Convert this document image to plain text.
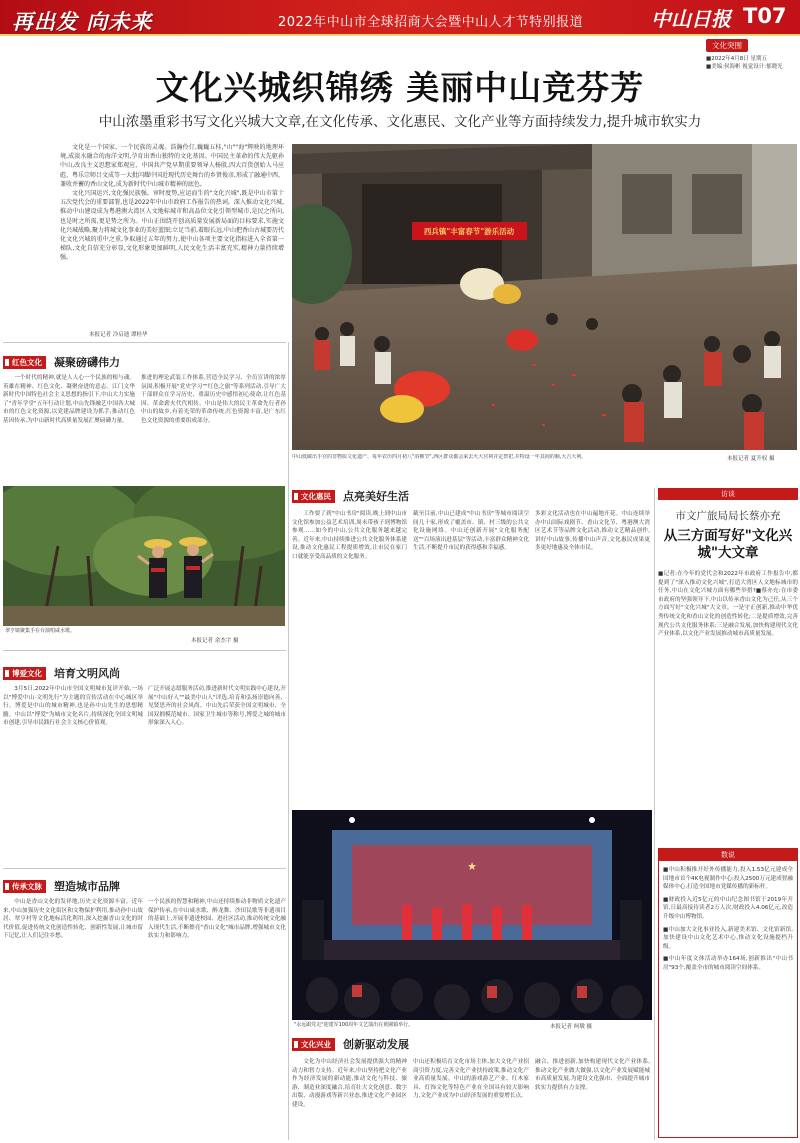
再出发 向未来	2022年中山市全球招商大会暨中山人才节特别报道	中山日报 T07
文化突围
■2022年4月8日 星期五
■美编:侯海彬 视觉设计:郁晓光
文化兴城织锦绣 美丽中山竞芬芳
中山浓墨重彩书写文化兴城大文章,在文化传承、文化惠民、文化产业等方面持续发力,提升城市软实力

文化是一个国家、一个民族的灵魂。浩瀚伶仃,巍巍五桂,"山""海"辉映的地理环境,成淡水融合的海洋文明,孕育出香山独特的文化基因。中国民主革命的伟大先驱孙中山,改良主义思想家郑观应、中国共产党早期重要领导人杨殷,四大百货创始人马应彪、粤乐宗师吕文成等一大批闪耀中国近现代历史舞台的乡贤俊彦,形成了融通中西、兼收并蓄的香山文化,成为新时代中山城市精神的底色。

文化兴国运兴,文化强民族强。审时度势,应运而生的"文化兴城",既是中山市第十五次党代会的重要部署,也是2022年中山市政府工作报告的热词。深入推动文化兴城,推动中山建设成为粤港澳大湾区人文地标城市和高品位文化引领型城市,是民之所向,也是时之所需,更是势之所为。中山正围绕开创高质量发展新局面的目标要求,实施文化兴城战略,聚力将城文化事业的美好蓝图;立足当前,着眼长远,中山把香山古城要历代化文化兴城的重中之重,争取通过五年的努力,使中山各项主要文化指标进入全省第一梯队,文化自信充分彰显,文化形象更加鲜明,人民文化生活丰富充实,精神力量持续增强。

本报记者 冷启迪 谭桂华
西兵镇"丰富春节"游乐活动
中山低碳出手宫的非物质文化遗产、每年农历四月初八"浴佛节",西区群众都会来去火大宫祠并定祭祀,并特设一年其间的顺,大吉大利。	本报记者 夏升权 摄
红色文化	凝聚磅礴伟力
一个时代的精神,就是人人心一个民族的根与魂。英雄在精神、红色文化、凝聚奋进的意志。江门文华新时代中国特色社会主义思想的指引下,中山大力实施了"青年学堂"五年行动计划,中山先锋融艺中国各大城市的红色文化资源,以党建品牌建设为抓手,推动红色基因传承,为中山新时代高质量发展汇聚磅礴力量。
推进的理论武装工作体系,营造全民学习、全员宣讲的浓厚氛围,积极开展"党史学习""红色之旅"等系列活动,引导广大干部群众在学习历史、重温历史中感悟初心使命,让红色基因、革命薪火代代相传。中山是伟大的民主革命先行者孙中山的故乡,有着光荣的革命传统,红色资源丰富,是广东红色文化资源的重要组成部分。
翠亨镇聚集手在台演唱咸水歌。
本报记者 余杰宇 摄
博爱文化	培育文明风尚
3月5日,2022年中山市全国文明城市复评开始,一场以"博爱中山·文明先行"为主题的宣传活动在中心城区举行。博爱是中山的城市精神,也是孙中山先生的思想精髓。中山以"博爱"为城市文化名片,持续深化全国文明城市创建,引导市民践行社会主义核心价值观。
广泛开展志愿服务活动,推进新时代文明实践中心建设,开展"中山好人""最美中山人"评选,培育和弘扬崇德向善、见贤思齐的社会风尚。中山先后荣获全国文明城市、全国双拥模范城市、国家卫生城市等称号,博爱之城的城市形象深入人心。
传承文脉	塑造城市品牌
中山是香山文化的发祥地,历史文化资源丰富。近年来,中山加强历史文化街区和文物保护利用,推动孙中山故居、翠亨村等文化地标活化利用,深入挖掘香山文化的时代价值,促进传统文化创造性转化、创新性发展,让城市留下记忆,让人们记住乡愁。
一个民族的智慧和精神,中山还持续推动非物质文化遗产保护传承,在中山咸水歌、醉龙舞、沙田民歌等非遗项目的基础上,开展非遗进校园、进社区活动,推动传统文化融入现代生活,不断擦亮"香山文化"城市品牌,增强城市文化软实力和影响力。
文化惠民	点亮美好生活
工作要了到"中山书房"阅读,晚上到中山市文化馆参加公益艺术培训,周末带孩子到博物馆参观……如今的中山,公共文化服务越来越完善。近年来,中山持续推进公共文化服务体系建设,推动文化惠民工程提质增效,让市民在家门口就能享受高品质的文化服务。
截至目前,中山已建成"中山书房"等城市阅读空间几十家,形成了覆盖市、镇、村三级的公共文化设施网络。中山还创新开展"文化服务配送""百场演出进基层"等活动,丰富群众精神文化生活,不断提升市民的获得感和幸福感。
多彩文化活动也在中山遍地开花。中山连续举办中山国际戏剧节、香山文化节、粤港澳大湾区艺术节等品牌文化活动,推动文艺精品创作,讲好中山故事,传播中山声音,文化惠民成果更多更好地惠及全体市民。
★
"永远跟党走"迎建军100周年文艺演出在黄圃镇举行。	本报记者 柯墩 摄
文化兴业	创新驱动发展
文化为中山经济社会发展提供强大的精神动力和智力支持。近年来,中山坚持把文化产业作为经济发展的新动能,推动文化与科技、旅游、制造业深度融合,培育壮大文化创意、数字出版、动漫游戏等新兴业态,推进文化产业园区建设。
中山还积极培育文化市场主体,加大文化产业招商引资力度,完善文化产业扶持政策,推动文化产业高质量发展。中山的游戏游艺产业、红木家具、灯饰文化等特色产业在全国具有较大影响力,文化产业成为中山经济发展的重要增长点。
融合、推进创新,加快构建现代文化产业体系,推动文化产业做大做强,以文化产业发展赋能城市高质量发展,为建设文化强市、全面提升城市软实力提供有力支撑。
访谈
市文广旅局局长蔡亦充
从三方面写好"文化兴城"大文章
■记者:在今年的党代会和2022年市政府工作报告中,都提到了"深入推动文化兴城",打造大湾区人文地标城市的任务,中山在文化兴城方面有哪些举措?■蔡亦充:在市委市政府的坚强领导下,中山以传承香山文化为己任,从三个方面写好"文化兴城"大文章。一是守正创新,推动中华优秀传统文化和香山文化的创造性转化;二是提质增效,完善现代公共文化服务体系;三是融合发展,加快构建现代文化产业体系,以文化产业发展推动城市高质量发展。
数说
■中山积极推开好外传播能力,投入1.53亿元建成全国地市首个4K电视制作中心;投入2500万元建成智融媒体中心,打造全国地市党媒传播的新标杆。
■财政投入近5亿元的中山纪念图书馆于2019年开馆,日最高接待读者2万人次,财政投入4.06亿元,改造升级中山博物馆。
■中山加大文化事业投入,新建美术馆、文化馆新馆,加快建设中山文化艺术中心,推动文化设施提档升级。
■中山年度文体活动举办164场,创新推出"中山书房"93个,覆盖全市的城市阅读空间体系。
